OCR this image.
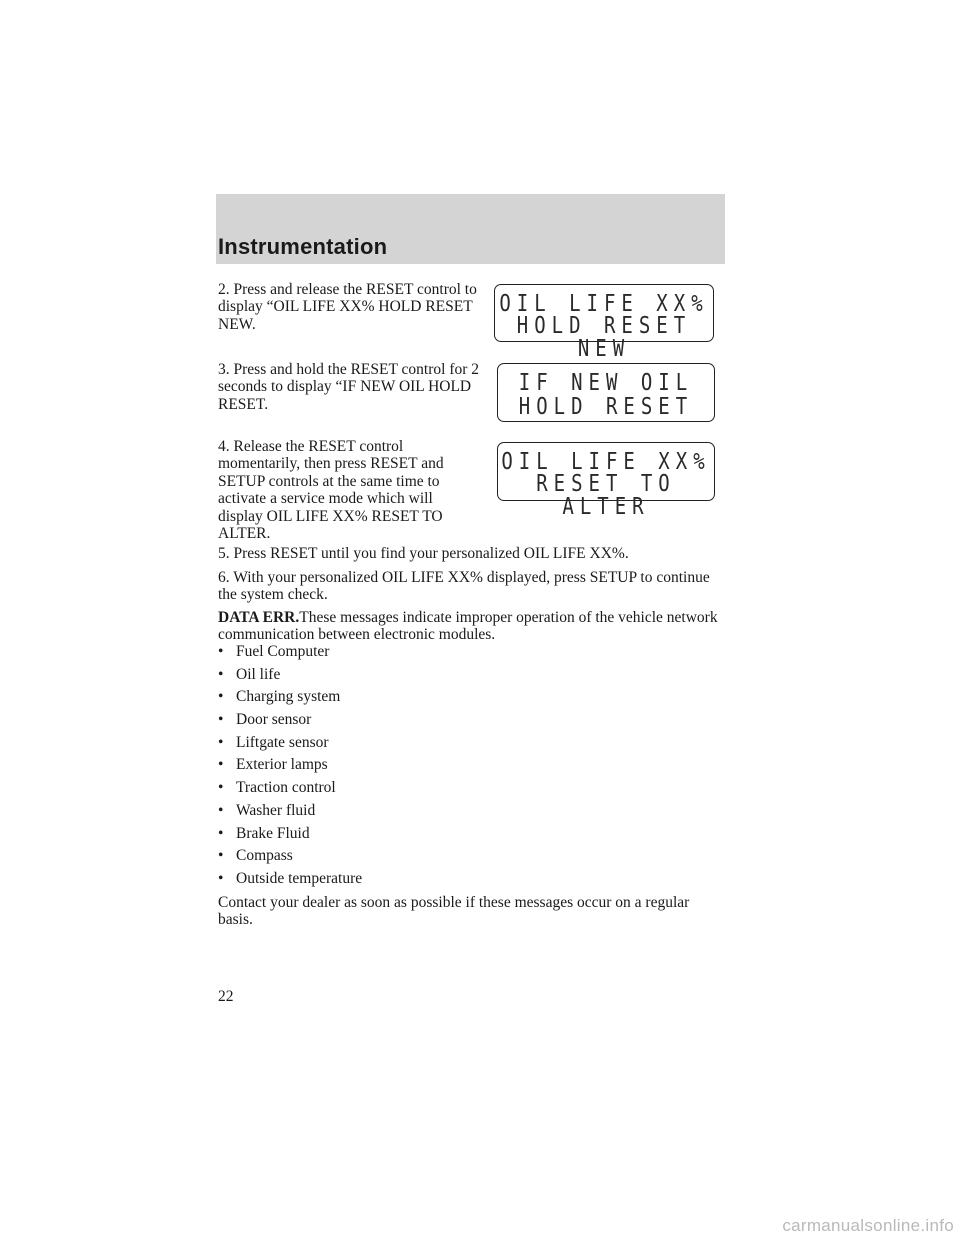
Instrumentation
2. Press and release the RESET control to display “OIL LIFE XX% HOLD RESET NEW.
3. Press and hold the RESET control for 2 seconds to display “IF NEW OIL HOLD RESET.
4. Release the RESET control momentarily, then press RESET and SETUP controls at the same time to activate a service mode which will display OIL LIFE XX% RESET TO ALTER.
OIL LIFE XX%
HOLD RESET NEW
IF NEW OIL
HOLD RESET
OIL LIFE XX%
RESET TO ALTER
5. Press RESET until you find your personalized OIL LIFE XX%.
6. With your personalized OIL LIFE XX% displayed, press SETUP to continue the system check.
DATA ERR.These messages indicate improper operation of the vehicle network communication between electronic modules.
• Fuel Computer
• Oil life
• Charging system
• Door sensor
• Liftgate sensor
• Exterior lamps
• Traction control
• Washer fluid
• Brake Fluid
• Compass
• Outside temperature
Contact your dealer as soon as possible if these messages occur on a regular basis.
22
carmanualsonline.info
